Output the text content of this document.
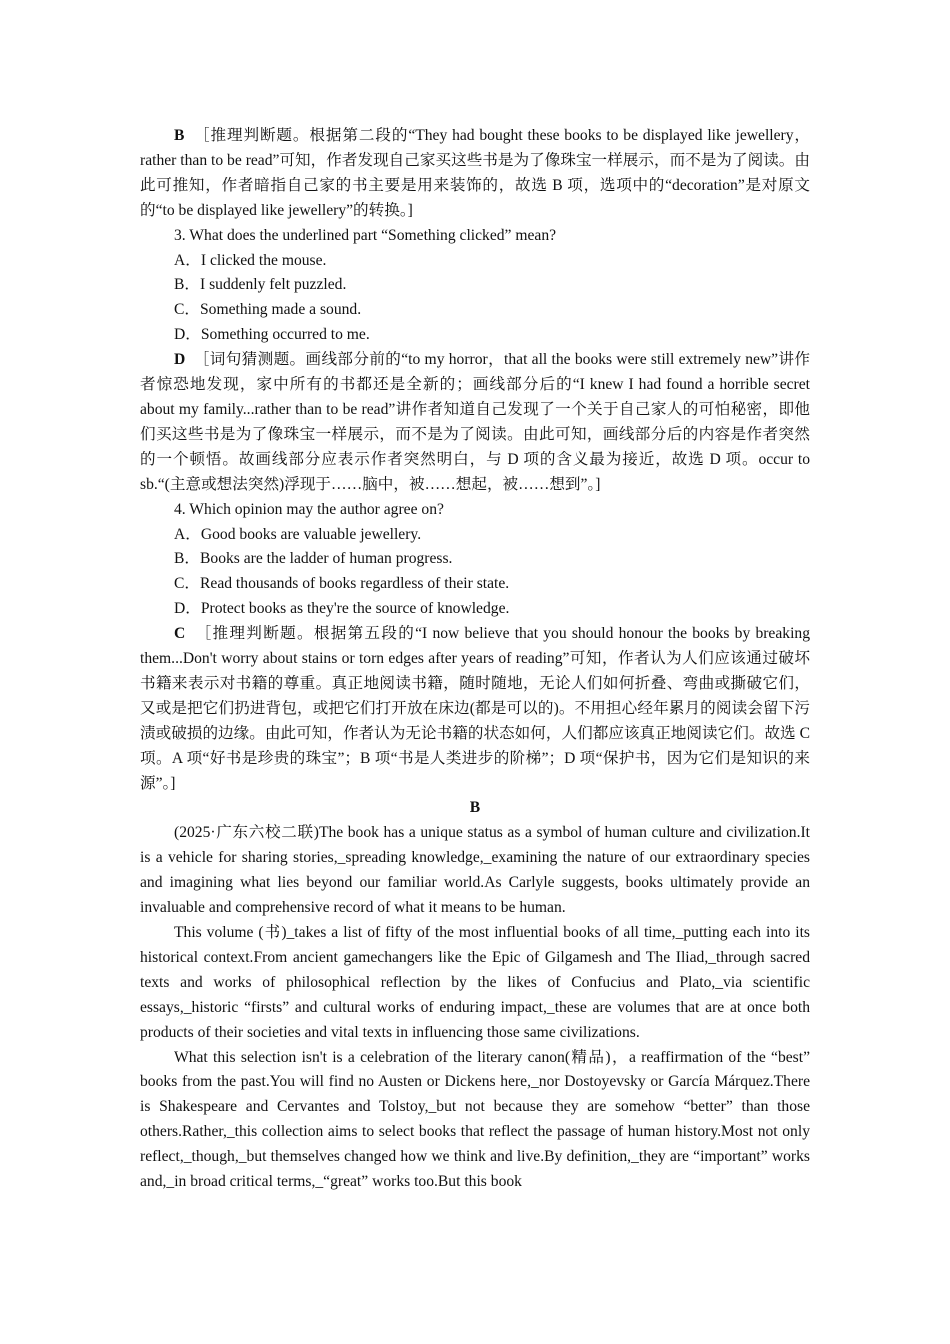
B ［推理判断题。根据第二段的“They had bought these books to be displayed like jewellery，rather than to be read”可知，作者发现自己家买这些书是为了像珠宝一样展示，而不是为了阅读。由此可推知，作者暗指自己家的书主要是用来装饰的，故选 B 项，选项中的“decoration”是对原文的“to be displayed like jewellery”的转换。]

3. What does the underlined part “Something clicked” mean?

A．I clicked the mouse.

B．I suddenly felt puzzled.

C．Something made a sound.

D．Something occurred to me.

D ［词句猜测题。画线部分前的“to my horror，that all the books were still extremely new”讲作者惊恐地发现，家中所有的书都还是全新的；画线部分后的“I knew I had found a horrible secret about my family...rather than to be read”讲作者知道自己发现了一个关于自己家人的可怕秘密，即他们买这些书是为了像珠宝一样展示，而不是为了阅读。由此可知，画线部分后的内容是作者突然的一个顿悟。故画线部分应表示作者突然明白，与 D 项的含义最为接近，故选 D 项。occur to sb.“(主意或想法突然)浮现于……脑中，被……想起，被……想到”。]

4. Which opinion may the author agree on?

A．Good books are valuable jewellery.

B．Books are the ladder of human progress.

C．Read thousands of books regardless of their state.

D．Protect books as they're the source of knowledge.

C ［推理判断题。根据第五段的“I now believe that you should honour the books by breaking them...Don't worry about stains or torn edges after years of reading”可知，作者认为人们应该通过破坏书籍来表示对书籍的尊重。真正地阅读书籍，随时随地，无论人们如何折叠、弯曲或撕破它们，又或是把它们扔进背包，或把它们打开放在床边(都是可以的)。不用担心经年累月的阅读会留下污渍或破损的边缘。由此可知，作者认为无论书籍的状态如何，人们都应该真正地阅读它们。故选 C 项。A 项“好书是珍贵的珠宝”；B 项“书是人类进步的阶梯”；D 项“保护书，因为它们是知识的来源”。]

B

(2025·广东六校二联)The book has a unique status as a symbol of human culture and civilization.It is a vehicle for sharing stories,_spreading knowledge,_examining the nature of our extraordinary species and imagining what lies beyond our familiar world.As Carlyle suggests, books ultimately provide an invaluable and comprehensive record of what it means to be human.

This volume (书)_takes a list of fifty of the most influential books of all time,_putting each into its historical context.From ancient gamechangers like the Epic of Gilgamesh and The Iliad,_through sacred texts and works of philosophical reflection by the likes of Confucius and Plato,_via scientific essays,_historic “firsts” and cultural works of enduring impact,_these are volumes that are at once both products of their societies and vital texts in influencing those same civilizations.

What this selection isn't is a celebration of the literary canon(精品)，a reaffirmation of the “best” books from the past.You will find no Austen or Dickens here,_nor Dostoyevsky or García Márquez.There is Shakespeare and Cervantes and Tolstoy,_but not because they are somehow “better” than those others.Rather,_this collection aims to select books that reflect the passage of human history.Most not only reflect,_though,_but themselves changed how we think and live.By definition,_they are “important” works and,_in broad critical terms,_“great” works too.But this book
